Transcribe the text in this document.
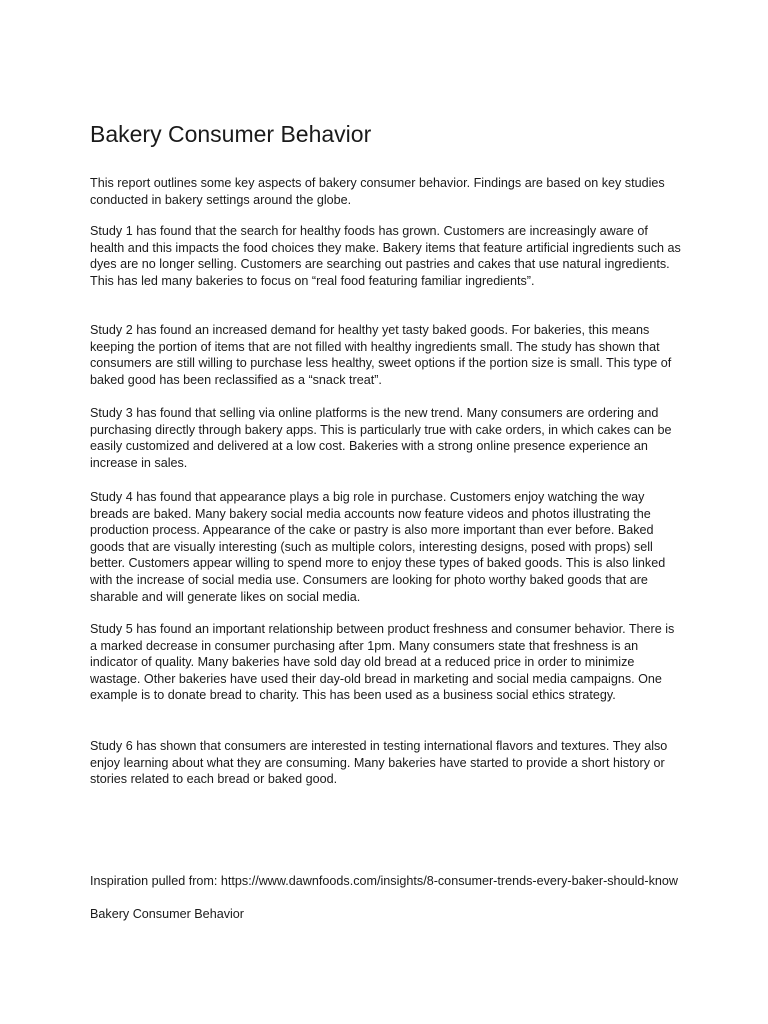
Bakery Consumer Behavior

This report outlines some key aspects of bakery consumer behavior. Findings are based on key studies conducted in bakery settings around the globe.

Study 1 has found that the search for healthy foods has grown. Customers are increasingly aware of health and this impacts the food choices they make. Bakery items that feature artificial ingredients such as dyes are no longer selling. Customers are searching out pastries and cakes that use natural ingredients. This has led many bakeries to focus on “real food featuring familiar ingredients”.

Study 2 has found an increased demand for healthy yet tasty baked goods. For bakeries, this means keeping the portion of items that are not filled with healthy ingredients small. The study has shown that consumers are still willing to purchase less healthy, sweet options if the portion size is small. This type of baked good has been reclassified as a “snack treat”.

Study 3 has found that selling via online platforms is the new trend. Many consumers are ordering and purchasing directly through bakery apps. This is particularly true with cake orders, in which cakes can be easily customized and delivered at a low cost. Bakeries with a strong online presence experience an increase in sales.

Study 4 has found that appearance plays a big role in purchase. Customers enjoy watching the way breads are baked. Many bakery social media accounts now feature videos and photos illustrating the production process. Appearance of the cake or pastry is also more important than ever before. Baked goods that are visually interesting (such as multiple colors, interesting designs, posed with props) sell better. Customers appear willing to spend more to enjoy these types of baked goods. This is also linked with the increase of social media use. Consumers are looking for photo worthy baked goods that are sharable and will generate likes on social media.

Study 5 has found an important relationship between product freshness and consumer behavior. There is a marked decrease in consumer purchasing after 1pm. Many consumers state that freshness is an indicator of quality. Many bakeries have sold day old bread at a reduced price in order to minimize wastage. Other bakeries have used their day-old bread in marketing and social media campaigns. One example is to donate bread to charity. This has been used as a business social ethics strategy.

Study 6 has shown that consumers are interested in testing international flavors and textures. They also enjoy learning about what they are consuming. Many bakeries have started to provide a short history or stories related to each bread or baked good.

Inspiration pulled from: https://www.dawnfoods.com/insights/8-consumer-trends-every-baker-should-know

Bakery Consumer Behavior
